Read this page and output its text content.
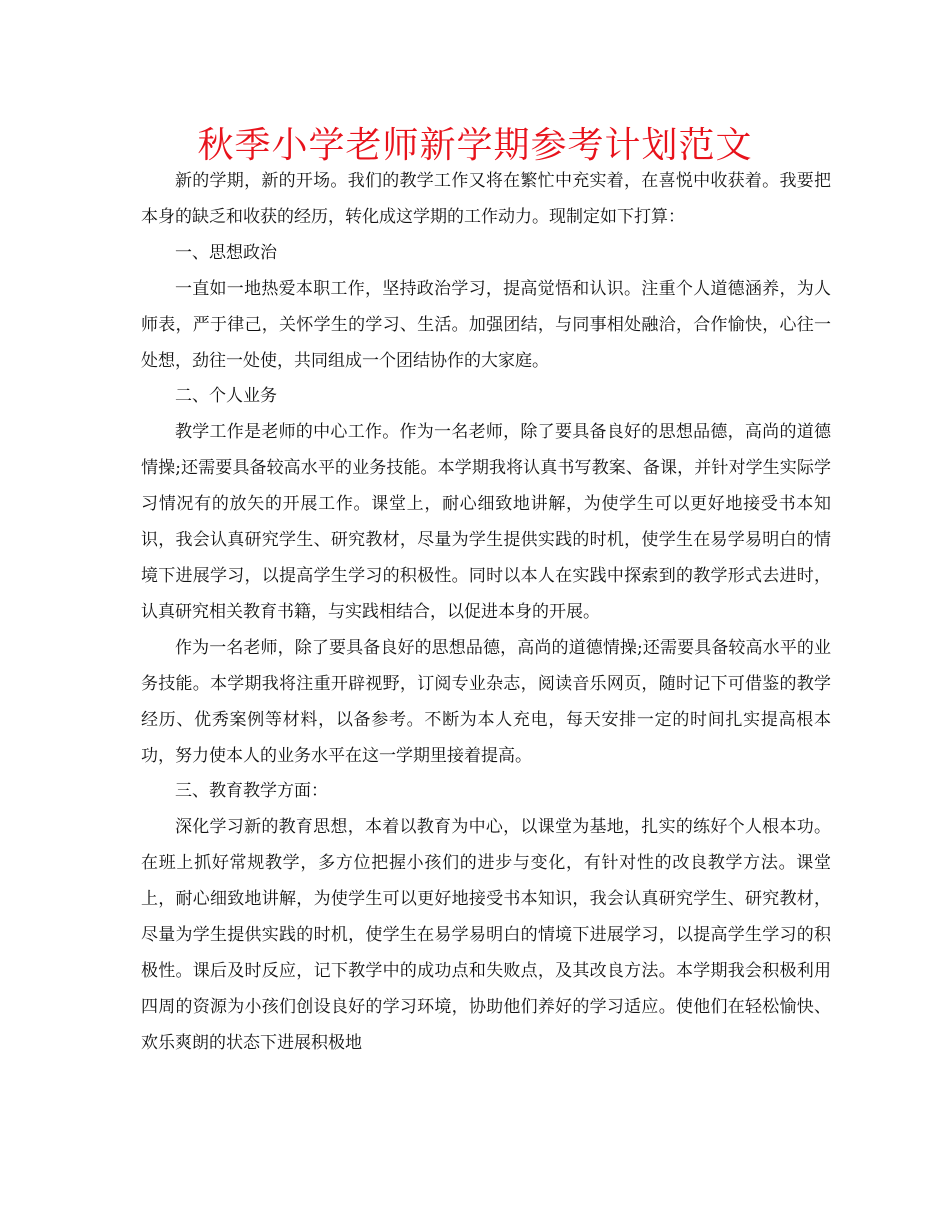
秋季小学老师新学期参考计划范文

新的学期，新的开场。我们的教学工作又将在繁忙中充实着，在喜悦中收获着。我要把本身的缺乏和收获的经历，转化成这学期的工作动力。现制定如下打算：

一、思想政治

一直如一地热爱本职工作，坚持政治学习，提高觉悟和认识。注重个人道德涵养，为人师表，严于律己，关怀学生的学习、生活。加强团结，与同事相处融洽，合作愉快，心往一处想，劲往一处使，共同组成一个团结协作的大家庭。

二、个人业务

教学工作是老师的中心工作。作为一名老师，除了要具备良好的思想品德，高尚的道德情操;还需要具备较高水平的业务技能。本学期我将认真书写教案、备课，并针对学生实际学习情况有的放矢的开展工作。课堂上，耐心细致地讲解，为使学生可以更好地接受书本知识，我会认真研究学生、研究教材，尽量为学生提供实践的时机，使学生在易学易明白的情境下进展学习，以提高学生学习的积极性。同时以本人在实践中探索到的教学形式去进时，认真研究相关教育书籍，与实践相结合，以促进本身的开展。

作为一名老师，除了要具备良好的思想品德，高尚的道德情操;还需要具备较高水平的业务技能。本学期我将注重开辟视野，订阅专业杂志，阅读音乐网页，随时记下可借鉴的教学经历、优秀案例等材料，以备参考。不断为本人充电，每天安排一定的时间扎实提高根本功，努力使本人的业务水平在这一学期里接着提高。

三、教育教学方面：

深化学习新的教育思想，本着以教育为中心，以课堂为基地，扎实的练好个人根本功。在班上抓好常规教学，多方位把握小孩们的进步与变化，有针对性的改良教学方法。课堂上，耐心细致地讲解，为使学生可以更好地接受书本知识，我会认真研究学生、研究教材，尽量为学生提供实践的时机，使学生在易学易明白的情境下进展学习，以提高学生学习的积极性。课后及时反应，记下教学中的成功点和失败点，及其改良方法。本学期我会积极利用四周的资源为小孩们创设良好的学习环境，协助他们养好的学习适应。使他们在轻松愉快、欢乐爽朗的状态下进展积极地
